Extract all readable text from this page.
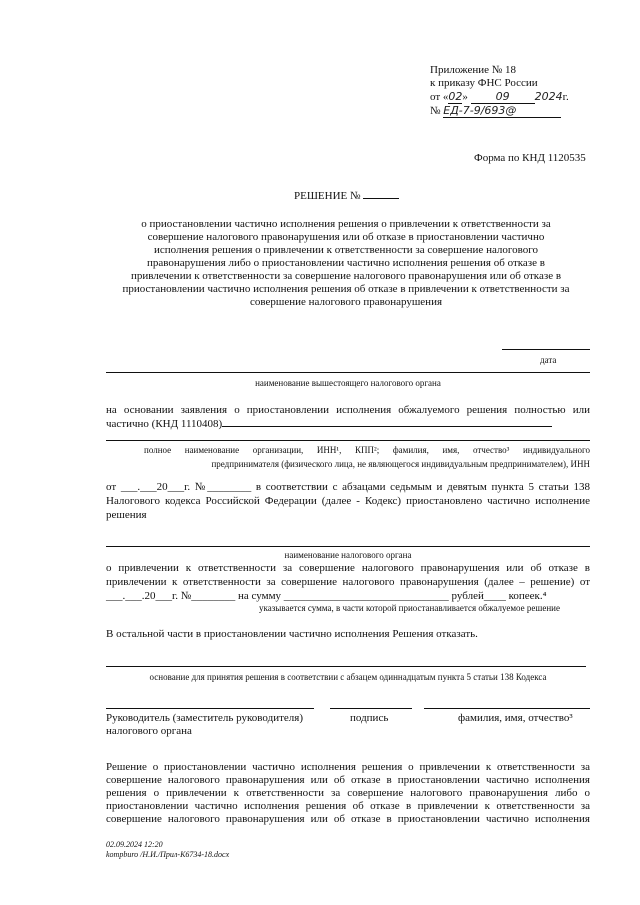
Приложение № 18
к приказу ФНС России
от «02»	09 2024г.
№ ЕД-7-9/693@
Форма по КНД 1120535
РЕШЕНИЕ №
о приостановлении частично исполнения решения о привлечении к ответственности за
совершение налогового правонарушения или об отказе в приостановлении частично
исполнения решения о привлечении к ответственности за совершение налогового
правонарушения либо о приостановлении частично исполнения решения об отказе в
привлечении к ответственности за совершение налогового правонарушения или об отказе в
приостановлении частично исполнения решения об отказе в привлечении к ответственности за
совершение налогового правонарушения
дата
наименование вышестоящего налогового органа
на основании заявления о приостановлении исполнения обжалуемого решения полностью или
частично (КНД 1110408)
полное наименование организации, ИНН¹, КПП²; фамилия, имя, отчество³ индивидуального
предпринимателя (физического лица, не являющегося индивидуальным предпринимателем), ИНН
от ___.___20___г. №________ в соответствии с абзацами седьмым и девятым пункта 5 статьи 138
Налогового кодекса Российской Федерации (далее - Кодекс) приостановлено частично исполнение
решения
наименование налогового органа
о привлечении к ответственности за совершение налогового правонарушения или об отказе в
привлечении к ответственности за совершение налогового правонарушения (далее – решение) от
___.___.20___г. №________ на сумму ______________________________ рублей____ копеек.⁴
указывается сумма, в части которой приостанавливается обжалуемое решение
В остальной части в приостановлении частично исполнения Решения отказать.
основание для принятия решения в соответствии с абзацем одиннадцатым пункта 5 статьи 138 Кодекса
Руководитель (заместитель руководителя)
налогового органа
подпись	фамилия, имя, отчество³
Решение о приостановлении частично исполнения решения о привлечении к ответственности за
совершение налогового правонарушения или об отказе в приостановлении частично исполнения
решения о привлечении к ответственности за совершение налогового правонарушения либо о
приостановлении частично исполнения решения об отказе в привлечении к ответственности за
совершение налогового правонарушения или об отказе в приостановлении частично исполнения
02.09.2024 12:20
kompburo /Н.И./Прил-К6734-18.docx
